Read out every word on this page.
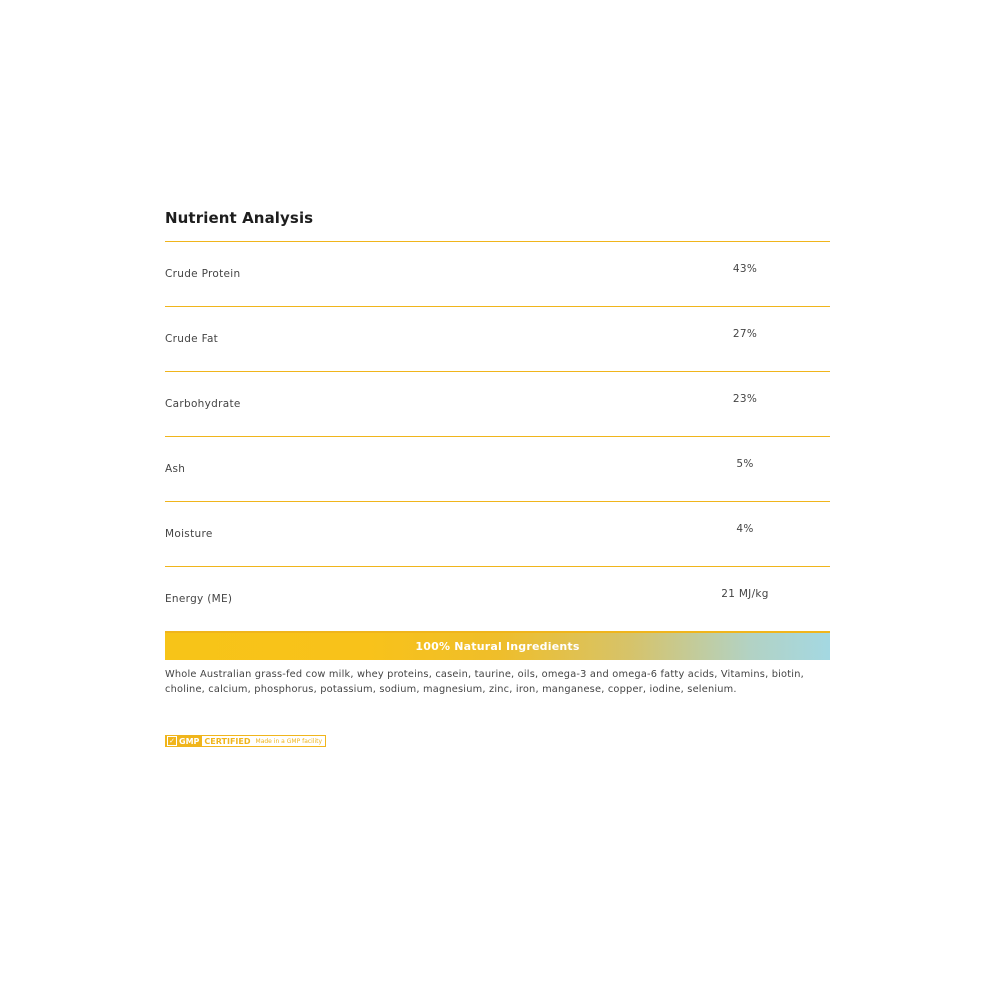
Nutrient Analysis
Crude Protein	43%
Crude Fat	27%
Carbohydrate	23%
Ash	5%
Moisture	4%
Energy (ME)	21 MJ/kg
100% Natural Ingredients
Whole Australian grass-fed cow milk, whey proteins, casein, taurine, oils, omega-3 and omega-6 fatty acids, Vitamins, biotin, choline, calcium, phosphorus, potassium, sodium, magnesium, zinc, iron, manganese, copper, iodine, selenium.
✓ GMP CERTIFIED Made in a GMP facility
